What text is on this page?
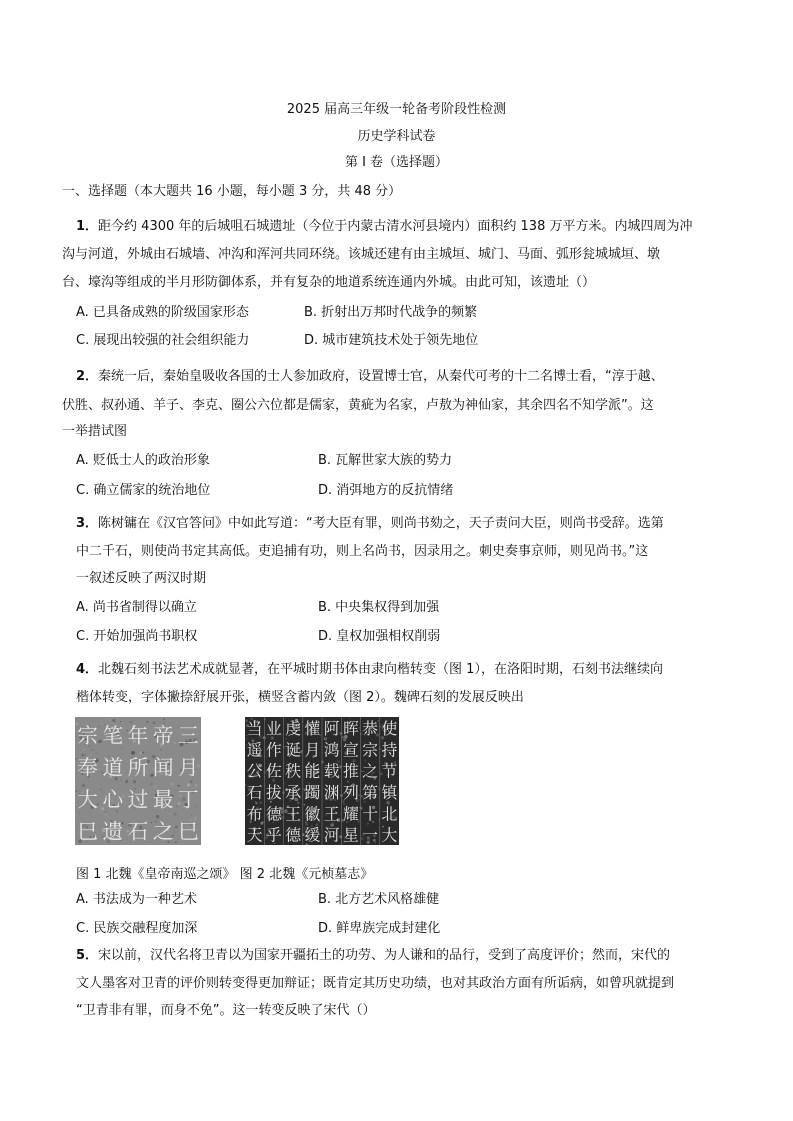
2025 届高三年级一轮备考阶段性检测
历史学科试卷
第 I 卷（选择题）
一、选择题（本大题共 16 小题，每小题 3 分，共 48 分）
1．距今约 4300 年的后城咀石城遗址（今位于内蒙古清水河县境内）面积约 138 万平方米。内城四周为冲
沟与河道，外城由石城墙、冲沟和浑河共同环绕。该城还建有由主城垣、城门、马面、弧形瓮城城垣、墩
台、壕沟等组成的半月形防御体系，并有复杂的地道系统连通内外城。由此可知，该遗址（）
A. 已具备成熟的阶级国家形态	B. 折射出万邦时代战争的频繁
C. 展现出较强的社会组织能力	D. 城市建筑技术处于领先地位
2．秦统一后，秦始皇吸收各国的士人参加政府，设置博士官，从秦代可考的十二名博士看，“淳于越、
伏胜、叔孙通、羊子、李克、圈公六位都是儒家，黄疵为名家，卢敖为神仙家，其余四名不知学派”。这
一举措试图
A. 贬低士人的政治形象	B. 瓦解世家大族的势力
C. 确立儒家的统治地位	D. 消弭地方的反抗情绪
3．陈树镛在《汉官答问》中如此写道：“考大臣有罪，则尚书劾之，天子责问大臣，则尚书受辞。选第
中二千石，则使尚书定其高低。吏追捕有功，则上名尚书，因录用之。刺史奏事京师，则见尚书。”这
一叙述反映了两汉时期
A. 尚书省制得以确立	B. 中央集权得到加强
C. 开始加强尚书职权	D. 皇权加强相权削弱
4．北魏石刻书法艺术成就显著，在平城时期书体由隶向楷转变（图 1），在洛阳时期，石刻书法继续向
楷体转变，字体撇捺舒展开张，横竖含蓄内敛（图 2）。魏碑石刻的发展反映出
三
月
丁
巳
帝
闻
最
之
年
所
过
石
笔
道
心
遗
宗
奉
大
巳
使
持
节
镇
北
大
恭
宗
之
第
十
一
晖
宣
推
列
耀
星
阿
鸿
载
渊
王
河
懽
月
能
躅
徽
缓
虔
诞
秩
承
王
德
业
作
佐
拔
德
乎
当
遥
公
石
布
天
图 1 北魏《皇帝南巡之颂》 图 2 北魏《元桢墓志》
A. 书法成为一种艺术	B. 北方艺术风格雄健
C. 民族交融程度加深	D. 鲜卑族完成封建化
5．宋以前，汉代名将卫青以为国家开疆拓土的功劳、为人谦和的品行，受到了高度评价；然而，宋代的
文人墨客对卫青的评价则转变得更加辩证；既肯定其历史功绩，也对其政治方面有所诟病，如曾巩就提到
“卫青非有罪，而身不免”。这一转变反映了宋代（）
